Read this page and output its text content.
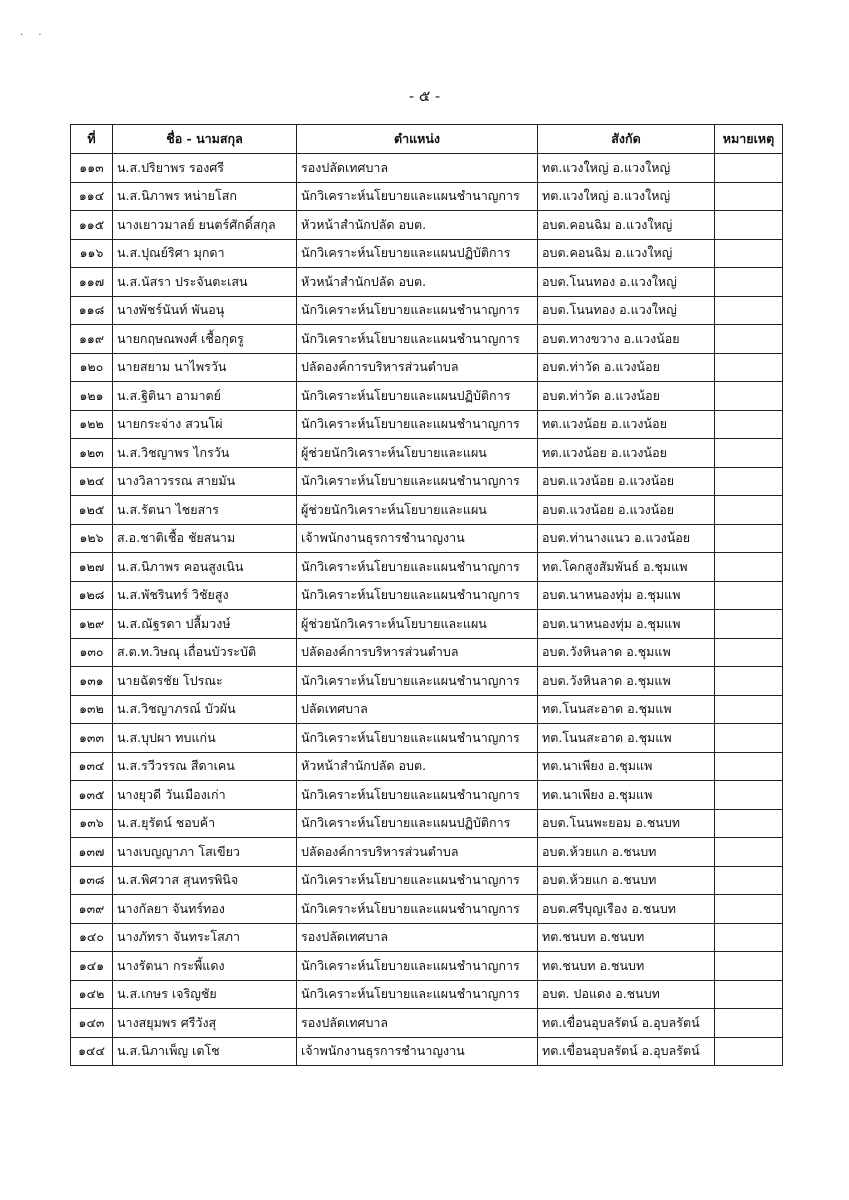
· ·
- ๕ -
ที่	ชื่อ - นามสกุล	ตำแหน่ง	สังกัด	หมายเหตุ
๑๑๓	น.ส.ปริยาพร รองศรี	รองปลัดเทศบาล	ทต.แวงใหญ่ อ.แวงใหญ่	
๑๑๔	น.ส.นิภาพร หน่ายโสก	นักวิเคราะห์นโยบายและแผนชำนาญการ	ทต.แวงใหญ่ อ.แวงใหญ่	
๑๑๕	นางเยาวมาลย์ ยนตร์ศักดิ์สกุล	หัวหน้าสำนักปลัด อบต.	อบต.คอนฉิม อ.แวงใหญ่	
๑๑๖	น.ส.ปุณย์ริศา มุกดา	นักวิเคราะห์นโยบายและแผนปฏิบัติการ	อบต.คอนฉิม อ.แวงใหญ่	
๑๑๗	น.ส.นัสรา ประจันตะเสน	หัวหน้าสำนักปลัด อบต.	อบต.โนนทอง อ.แวงใหญ่	
๑๑๘	นางพัชร์นันท์ พันอนุ	นักวิเคราะห์นโยบายและแผนชำนาญการ	อบต.โนนทอง อ.แวงใหญ่	
๑๑๙	นายกฤษณพงศ์ เชื้อกุดรู	นักวิเคราะห์นโยบายและแผนชำนาญการ	อบต.ทางขวาง อ.แวงน้อย	
๑๒๐	นายสยาม นาไพรวัน	ปลัดองค์การบริหารส่วนตำบล	อบต.ท่าวัด อ.แวงน้อย	
๑๒๑	น.ส.ฐิตินา อามาตย์	นักวิเคราะห์นโยบายและแผนปฏิบัติการ	อบต.ท่าวัด อ.แวงน้อย	
๑๒๒	นายกระจ่าง สวนโผ่	นักวิเคราะห์นโยบายและแผนชำนาญการ	ทต.แวงน้อย อ.แวงน้อย	
๑๒๓	น.ส.วิชญาพร ไกรวัน	ผู้ช่วยนักวิเคราะห์นโยบายและแผน	ทต.แวงน้อย อ.แวงน้อย	
๑๒๔	นางวิลาวรรณ สายมัน	นักวิเคราะห์นโยบายและแผนชำนาญการ	อบต.แวงน้อย อ.แวงน้อย	
๑๒๕	น.ส.รัตนา ไชยสาร	ผู้ช่วยนักวิเคราะห์นโยบายและแผน	อบต.แวงน้อย อ.แวงน้อย	
๑๒๖	ส.อ.ชาติเชื้อ ชัยสนาม	เจ้าพนักงานธุรการชำนาญงาน	อบต.ท่านางแนว อ.แวงน้อย	
๑๒๗	น.ส.นิภาพร คอนสูงเนิน	นักวิเคราะห์นโยบายและแผนชำนาญการ	ทต.โคกสูงสัมพันธ์ อ.ชุมแพ	
๑๒๘	น.ส.พัชรินทร์ วิชัยสูง	นักวิเคราะห์นโยบายและแผนชำนาญการ	อบต.นาหนองทุ่ม อ.ชุมแพ	
๑๒๙	น.ส.ณัฐรดา ปลื้มวงษ์	ผู้ช่วยนักวิเคราะห์นโยบายและแผน	อบต.นาหนองทุ่ม อ.ชุมแพ	
๑๓๐	ส.ต.ท.วิษณุ เถื่อนบัวระบัติ	ปลัดองค์การบริหารส่วนตำบล	อบต.วังหินลาด อ.ชุมแพ	
๑๓๑	นายฉัตรชัย โปรณะ	นักวิเคราะห์นโยบายและแผนชำนาญการ	อบต.วังหินลาด อ.ชุมแพ	
๑๓๒	น.ส.วิชญาภรณ์ บัวผัน	ปลัดเทศบาล	ทต.โนนสะอาด อ.ชุมแพ	
๑๓๓	น.ส.บุปผา ทบแก่น	นักวิเคราะห์นโยบายและแผนชำนาญการ	ทต.โนนสะอาด อ.ชุมแพ	
๑๓๔	น.ส.รวีวรรณ สีดาเคน	หัวหน้าสำนักปลัด อบต.	ทต.นาเพียง อ.ชุมแพ	
๑๓๕	นางยุวดี วันเมืองเก่า	นักวิเคราะห์นโยบายและแผนชำนาญการ	ทต.นาเพียง อ.ชุมแพ	
๑๓๖	น.ส.ยุรัตน์ ชอบค้า	นักวิเคราะห์นโยบายและแผนปฏิบัติการ	อบต.โนนพะยอม อ.ชนบท	
๑๓๗	นางเบญญาภา โสเขียว	ปลัดองค์การบริหารส่วนตำบล	อบต.ห้วยแก อ.ชนบท	
๑๓๘	น.ส.พิศวาส สุนทรพินิจ	นักวิเคราะห์นโยบายและแผนชำนาญการ	อบต.ห้วยแก อ.ชนบท	
๑๓๙	นางกัลยา จันทร์ทอง	นักวิเคราะห์นโยบายและแผนชำนาญการ	อบต.ศรีบุญเรือง อ.ชนบท	
๑๔๐	นางภัทรา จันทระโสภา	รองปลัดเทศบาล	ทต.ชนบท อ.ชนบท	
๑๔๑	นางรัตนา กระพี้แดง	นักวิเคราะห์นโยบายและแผนชำนาญการ	ทต.ชนบท อ.ชนบท	
๑๔๒	น.ส.เกษร เจริญชัย	นักวิเคราะห์นโยบายและแผนชำนาญการ	อบต. ปอแดง อ.ชนบท	
๑๔๓	นางสยุมพร ศรีวังสุ	รองปลัดเทศบาล	ทต.เขื่อนอุบลรัตน์ อ.อุบลรัตน์	
๑๔๔	น.ส.นิภาเพ็ญ เตโช	เจ้าพนักงานธุรการชำนาญงาน	ทต.เขื่อนอุบลรัตน์ อ.อุบลรัตน์	
